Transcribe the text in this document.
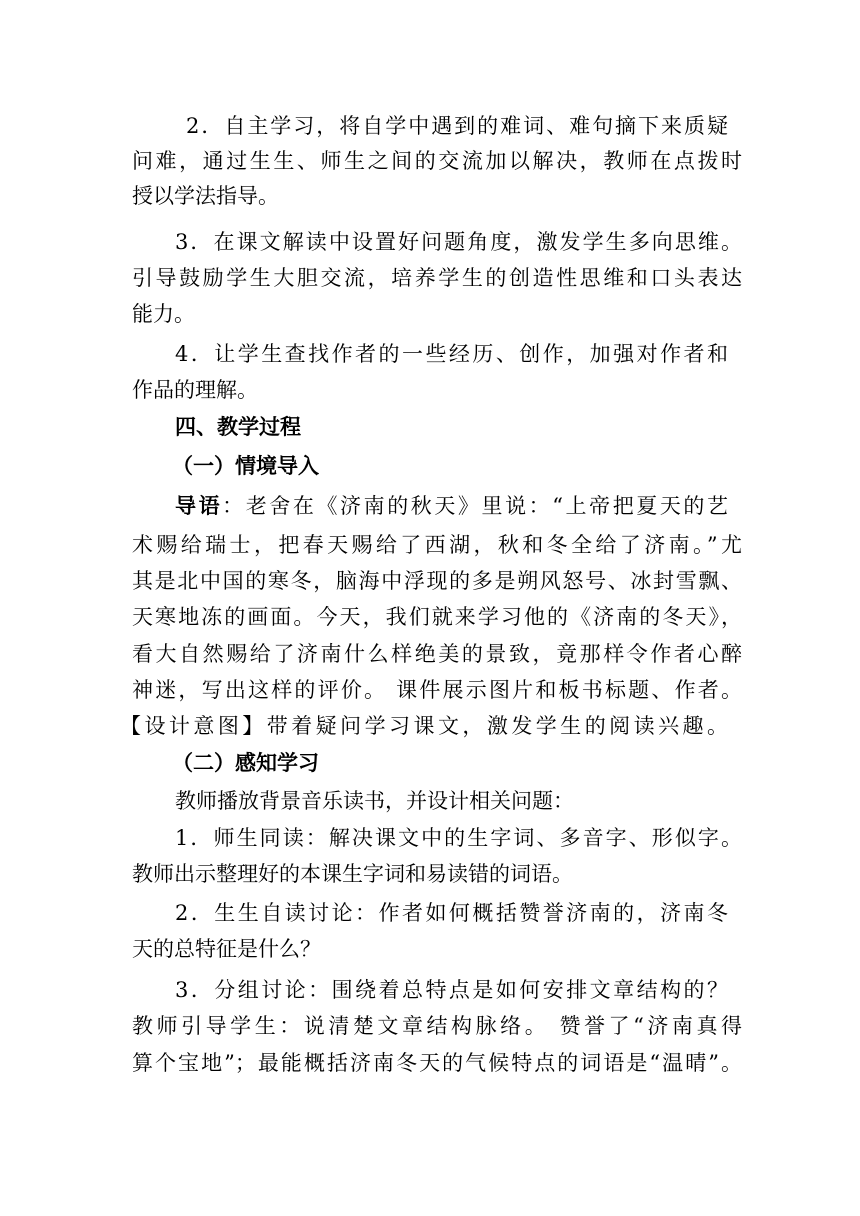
2．自主学习，将自学中遇到的难词、难句摘下来质疑
问难，通过生生、师生之间的交流加以解决，教师在点拨时
授以学法指导。
3．在课文解读中设置好问题角度，激发学生多向思维。
引导鼓励学生大胆交流，培养学生的创造性思维和口头表达
能力。
4．让学生查找作者的一些经历、创作，加强对作者和
作品的理解。
四、教学过程
（一）情境导入
导语：老舍在《济南的秋天》里说：“上帝把夏天的艺
术赐给瑞士，把春天赐给了西湖，秋和冬全给了济南。”尤
其是北中国的寒冬，脑海中浮现的多是朔风怒号、冰封雪飘、
天寒地冻的画面。今天，我们就来学习他的《济南的冬天》，
看大自然赐给了济南什么样绝美的景致，竟那样令作者心醉
神迷，写出这样的评价。 课件展示图片和板书标题、作者。
【设计意图】带着疑问学习课文，激发学生的阅读兴趣。
（二）感知学习
教师播放背景音乐读书，并设计相关问题：
1．师生同读：解决课文中的生字词、多音字、形似字。
教师出示整理好的本课生字词和易读错的词语。
2．生生自读讨论：作者如何概括赞誉济南的，济南冬
天的总特征是什么？
3．分组讨论：围绕着总特点是如何安排文章结构的？
教师引导学生：说清楚文章结构脉络。 赞誉了“济南真得
算个宝地”；最能概括济南冬天的气候特点的词语是“温晴”。
